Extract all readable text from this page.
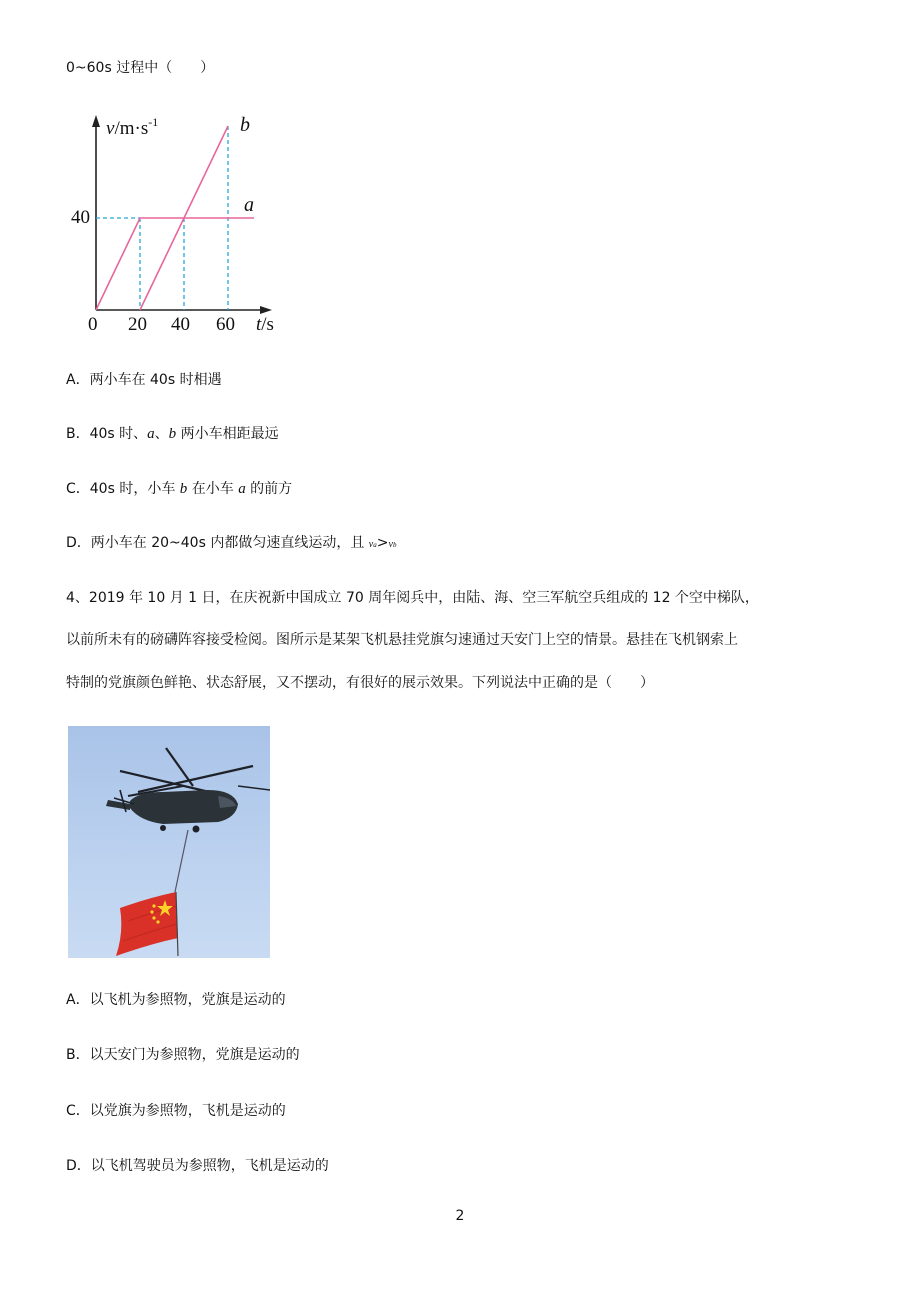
0~60s 过程中（　　）
$v/m\cdot s^{-1}$
40
0 20 40 60 t/s
a
b
A．两小车在 40s 时相遇
B．40s 时、a、b 两小车相距最远
C．40s 时，小车 b 在小车 a 的前方
D．两小车在 20~40s 内都做匀速直线运动，且 va>vb
4、2019 年 10 月 1 日，在庆祝新中国成立 70 周年阅兵中，由陆、海、空三军航空兵组成的 12 个空中梯队，
以前所未有的磅礴阵容接受检阅。图所示是某架飞机悬挂党旗匀速通过天安门上空的情景。悬挂在飞机钢索上
特制的党旗颜色鲜艳、状态舒展，又不摆动，有很好的展示效果。下列说法中正确的是（　　）
A．以飞机为参照物，党旗是运动的
B．以天安门为参照物，党旗是运动的
C．以党旗为参照物，飞机是运动的
D．以飞机驾驶员为参照物，飞机是运动的
2
